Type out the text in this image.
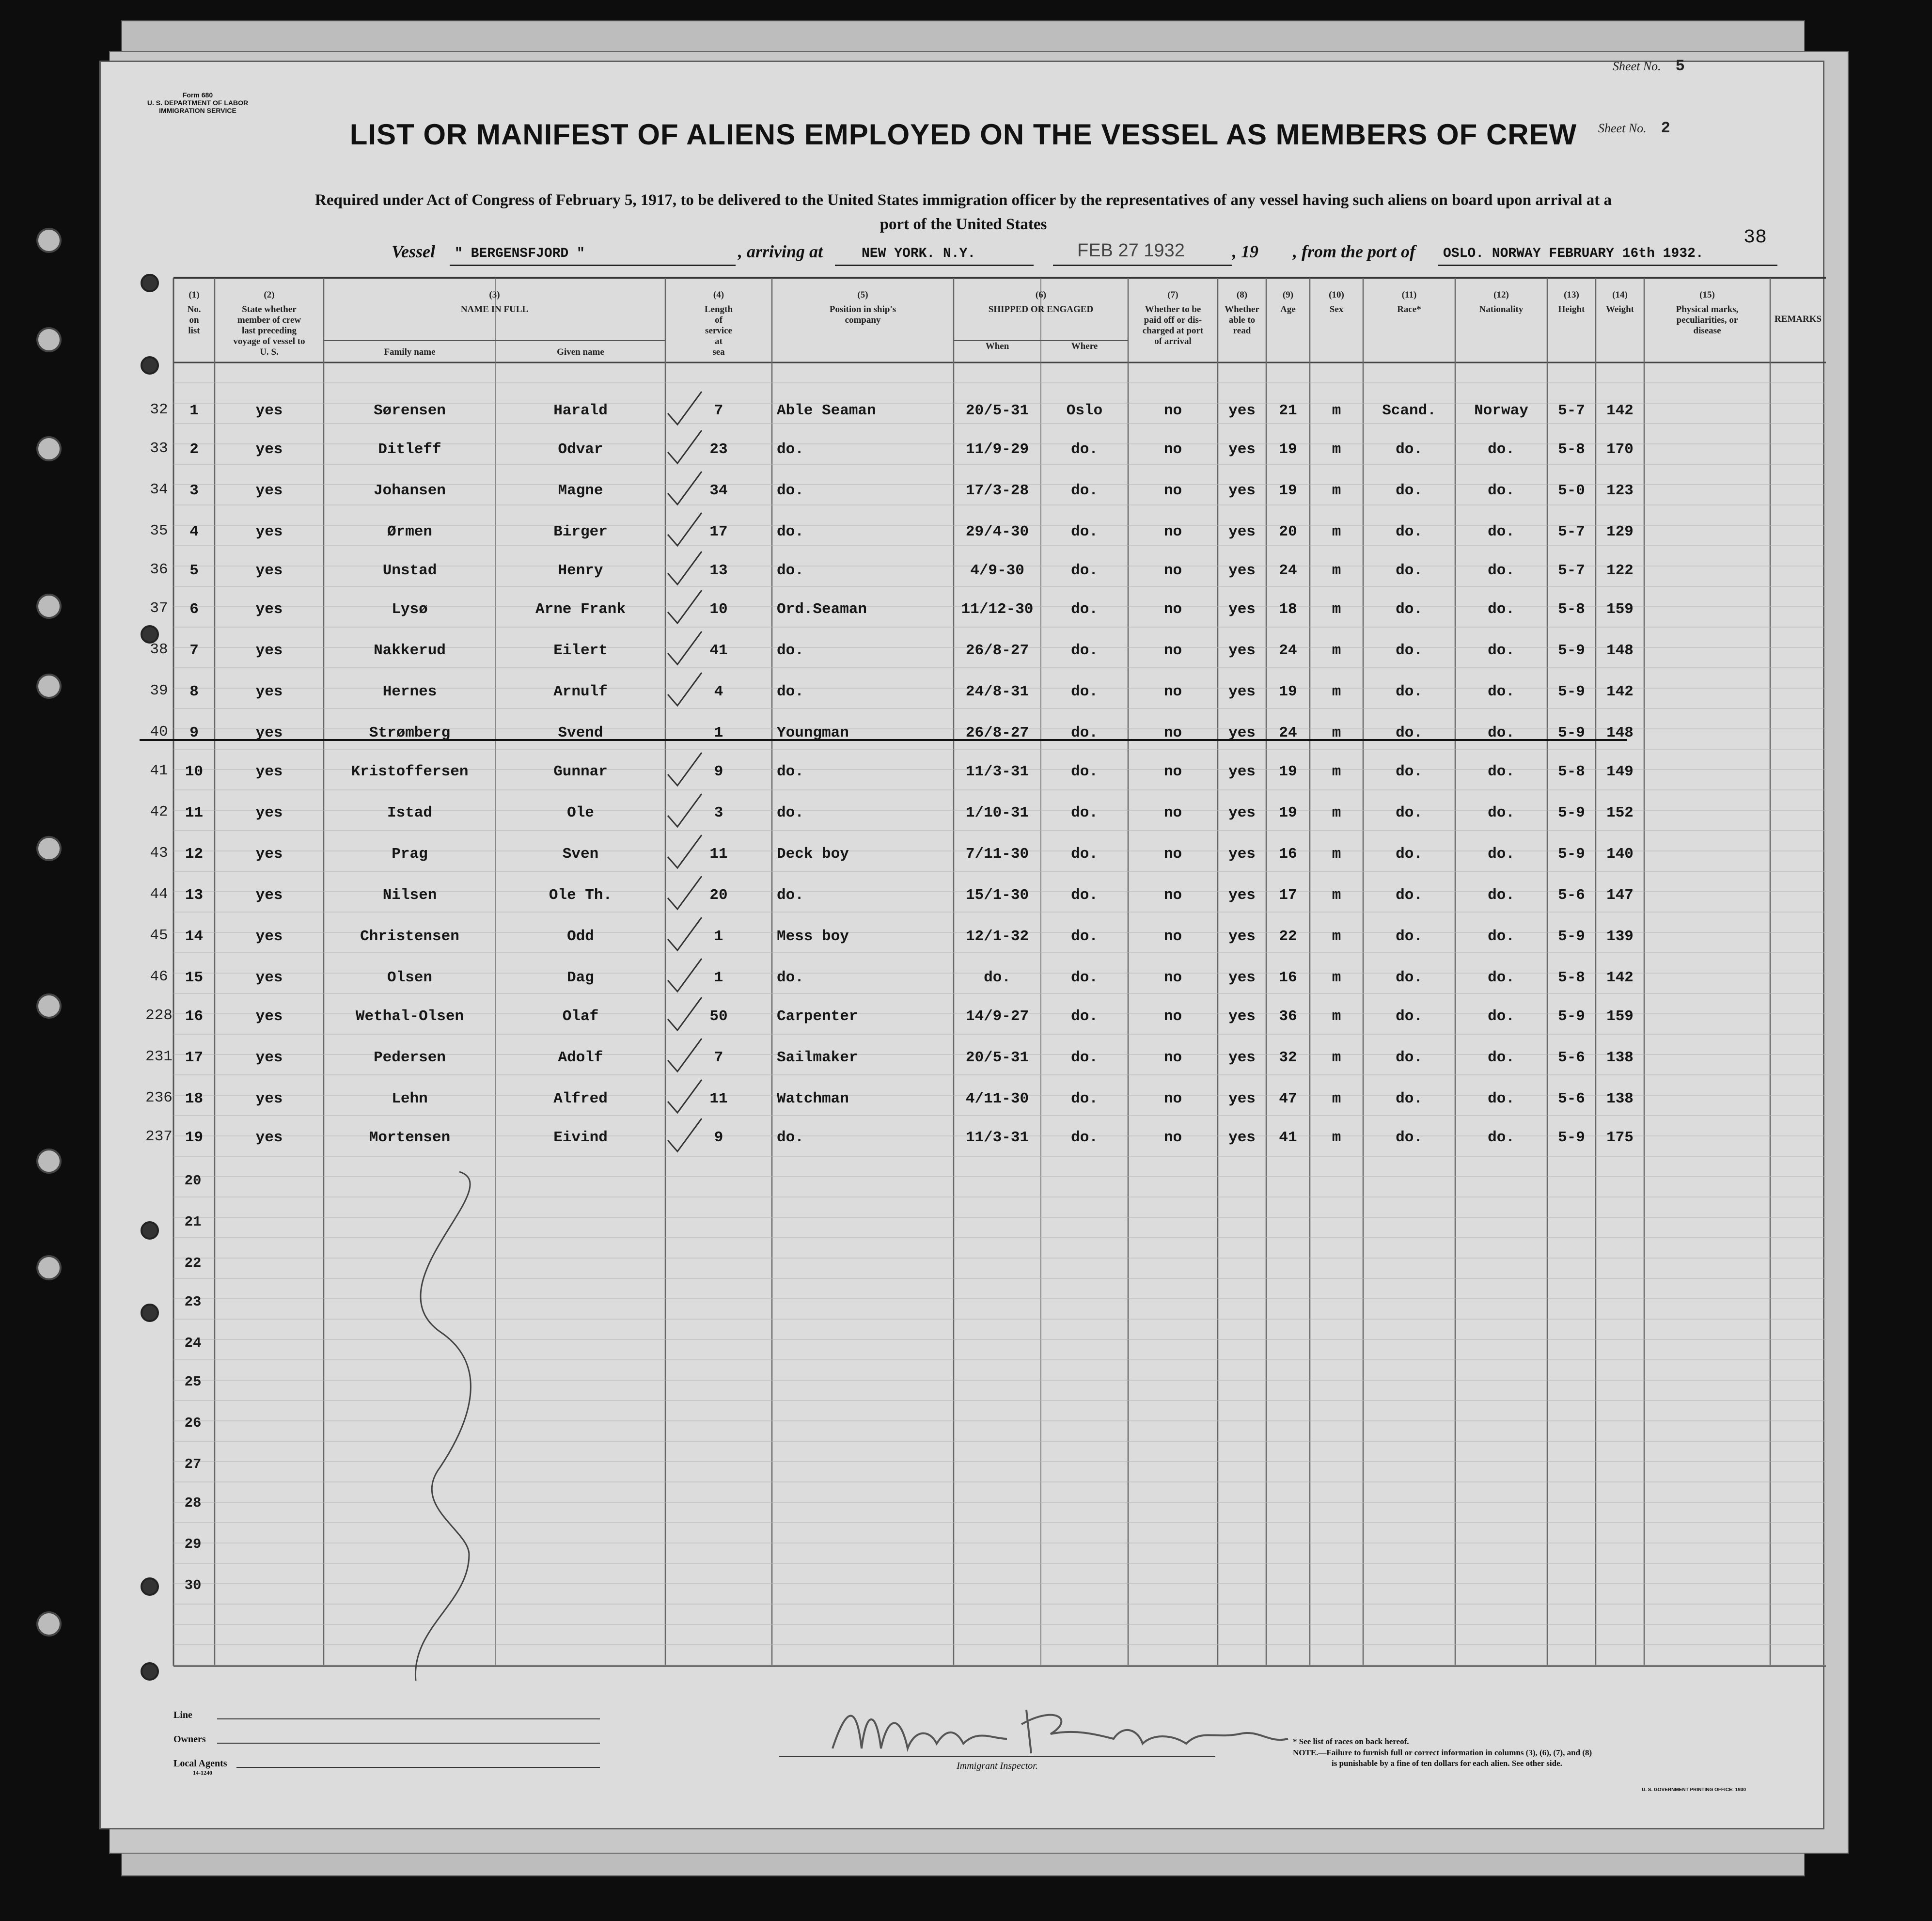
Sheet No. 5
Sheet No. 2
Form 680
U. S. DEPARTMENT OF LABOR
IMMIGRATION SERVICE
LIST OR MANIFEST OF ALIENS EMPLOYED ON THE VESSEL AS MEMBERS OF CREW
Required under Act of Congress of February 5, 1917, to be delivered to the United States immigration officer by the representatives of any vessel having such aliens on board upon arrival at a
port of the United States
Vessel " BERGENSFJORD "	, arriving at	NEW YORK. N.Y.	FEB 27 1932	, 19 , from the port of OSLO. NORWAY FEBRUARY 16th 1932.
38
(1)
No.
on
list
(2)
State whether
member of crew
last preceding
voyage of vessel to
U. S.
(3)
NAME IN FULL
Family name	Given name
(4)
Length
of
service
at
sea
(5)
Position in ship's
company
(6)
SHIPPED OR ENGAGED
When	Where
(7)
Whether to be
paid off or dis-
charged at port
of arrival
(8)
Whether
able to
read
(9)
Age
(10)
Sex
(11)
Race*
(12)
Nationality
(13)
Height
(14)
Weight
(15)
Physical marks,
peculiarities, or
disease
REMARKS
32	1	yes	Sørensen	Harald	7	Able Seaman	20/5-31	Oslo	no	yes	21	m	Scand.	Norway	5-7	142
33	2	yes	Ditleff	Odvar	23	do.	11/9-29	do.	no	yes	19	m	do.	do.	5-8	170
34	3	yes	Johansen	Magne	34	do.	17/3-28	do.	no	yes	19	m	do.	do.	5-0	123
35	4	yes	Ørmen	Birger	17	do.	29/4-30	do.	no	yes	20	m	do.	do.	5-7	129
36	5	yes	Unstad	Henry	13	do.	4/9-30	do.	no	yes	24	m	do.	do.	5-7	122
37	6	yes	Lysø	Arne Frank	10	Ord.Seaman	11/12-30	do.	no	yes	18	m	do.	do.	5-8	159
38	7	yes	Nakkerud	Eilert	41	do.	26/8-27	do.	no	yes	24	m	do.	do.	5-9	148
39	8	yes	Hernes	Arnulf	4	do.	24/8-31	do.	no	yes	19	m	do.	do.	5-9	142
40	9	yes	Strømberg	Svend	1	Youngman	26/8-27	do.	no	yes	24	m	do.	do.	5-9	148
41	10	yes	Kristoffersen	Gunnar	9	do.	11/3-31	do.	no	yes	19	m	do.	do.	5-8	149
42	11	yes	Istad	Ole	3	do.	1/10-31	do.	no	yes	19	m	do.	do.	5-9	152
43	12	yes	Prag	Sven	11	Deck boy	7/11-30	do.	no	yes	16	m	do.	do.	5-9	140
44	13	yes	Nilsen	Ole Th.	20	do.	15/1-30	do.	no	yes	17	m	do.	do.	5-6	147
45	14	yes	Christensen	Odd	1	Mess boy	12/1-32	do.	no	yes	22	m	do.	do.	5-9	139
46	15	yes	Olsen	Dag	1	do.	do.	do.	no	yes	16	m	do.	do.	5-8	142
228 16	yes	Wethal-Olsen	Olaf	50	Carpenter	14/9-27	do.	no	yes	36	m	do.	do.	5-9	159
231 17	yes	Pedersen	Adolf	7	Sailmaker	20/5-31	do.	no	yes	32	m	do.	do.	5-6	138
236 18	yes	Lehn	Alfred	11	Watchman	4/11-30	do.	no	yes	47	m	do.	do.	5-6	138
237 19	yes	Mortensen	Eivind	9	do.	11/3-31	do.	no	yes	41	m	do.	do.	5-9	175
20
21
22
23
24
25
26
27
28
29
30
Line
Owners
Local Agents
14-1240
Immigrant Inspector.
* See list of races on back hereof.
NOTE.—Failure to furnish full or correct information in columns (3), (6), (7), and (8)
is punishable by a fine of ten dollars for each alien. See other side.
U. S. GOVERNMENT PRINTING OFFICE: 1930
